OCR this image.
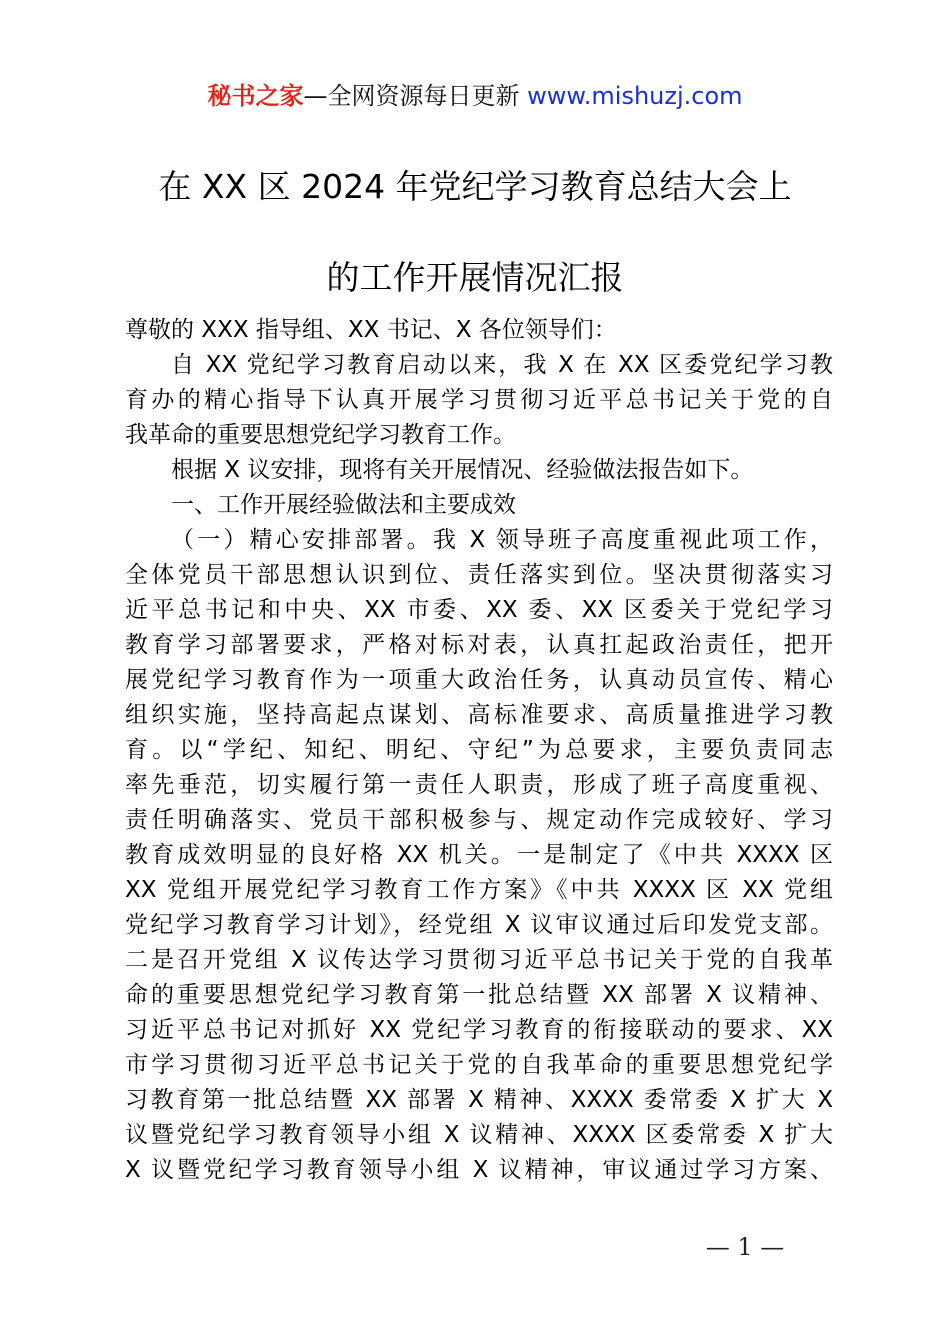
秘书之家—全网资源每日更新 www.mishuzj.com
在 XX 区 2024 年党纪学习教育总结大会上
的工作开展情况汇报
尊敬的 XXX 指导组、XX 书记、X 各位领导们：
自 XX 党纪学习教育启动以来，我 X 在 XX 区委党纪学习教
育办的精心指导下认真开展学习贯彻习近平总书记关于党的自
我革命的重要思想党纪学习教育工作。
根据 X 议安排，现将有关开展情况、经验做法报告如下。
一、工作开展经验做法和主要成效
（一）精心安排部署。我 X 领导班子高度重视此项工作，
全体党员干部思想认识到位、责任落实到位。坚决贯彻落实习
近平总书记和中央、XX 市委、XX 委、XX 区委关于党纪学习
教育学习部署要求，严格对标对表，认真扛起政治责任，把开
展党纪学习教育作为一项重大政治任务，认真动员宣传、精心
组织实施，坚持高起点谋划、高标准要求、高质量推进学习教
育。以“学纪、知纪、明纪、守纪”为总要求，主要负责同志
率先垂范，切实履行第一责任人职责，形成了班子高度重视、
责任明确落实、党员干部积极参与、规定动作完成较好、学习
教育成效明显的良好格 XX 机关。一是制定了《中共 XXXX 区
XX 党组开展党纪学习教育工作方案》《中共 XXXX 区 XX 党组
党纪学习教育学习计划》，经党组 X 议审议通过后印发党支部。
二是召开党组 X 议传达学习贯彻习近平总书记关于党的自我革
命的重要思想党纪学习教育第一批总结暨 XX 部署 X 议精神、
习近平总书记对抓好 XX 党纪学习教育的衔接联动的要求、XX
市学习贯彻习近平总书记关于党的自我革命的重要思想党纪学
习教育第一批总结暨 XX 部署 X 精神、XXXX 委常委 X 扩大 X
议暨党纪学习教育领导小组 X 议精神、XXXX 区委常委 X 扩大
X 议暨党纪学习教育领导小组 X 议精神，审议通过学习方案、
— 1 —
